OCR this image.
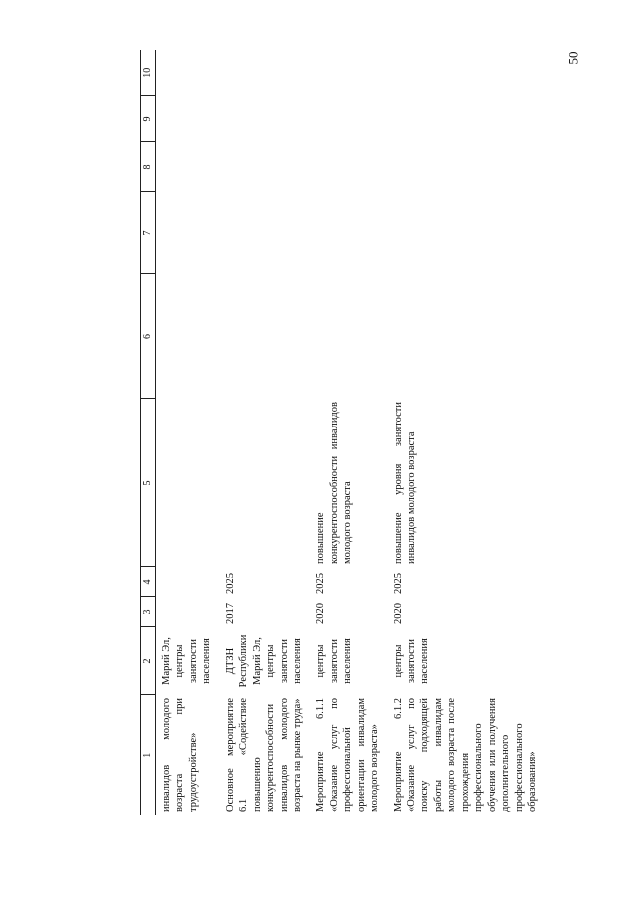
50
1	2	3	4	5	6	7	8	9	10
инвалидов молодого возраста при трудоустройстве»	Марий Эл, центры занятости населения								
Основное мероприятие 6.1 «Содействие повышению конкурентоспособности инвалидов молодого возраста на рынке труда»	ДТЗН Республики Марий Эл, центры занятости населения	2017	2025						
Мероприятие 6.1.1 «Оказание услуг по профессиональной ориентации инвалидам молодого возраста»	центры занятости населения	2020	2025	повышение конкурентоспособности инвалидов молодого возраста					
Мероприятие 6.1.2 «Оказание услуг по поиску подходящей работы инвалидам молодого возраста после прохождения профессионального обучения или получения дополнительного профессионального образования»	центры занятости населения	2020	2025	повышение уровня занятости инвалидов молодого возраста					
